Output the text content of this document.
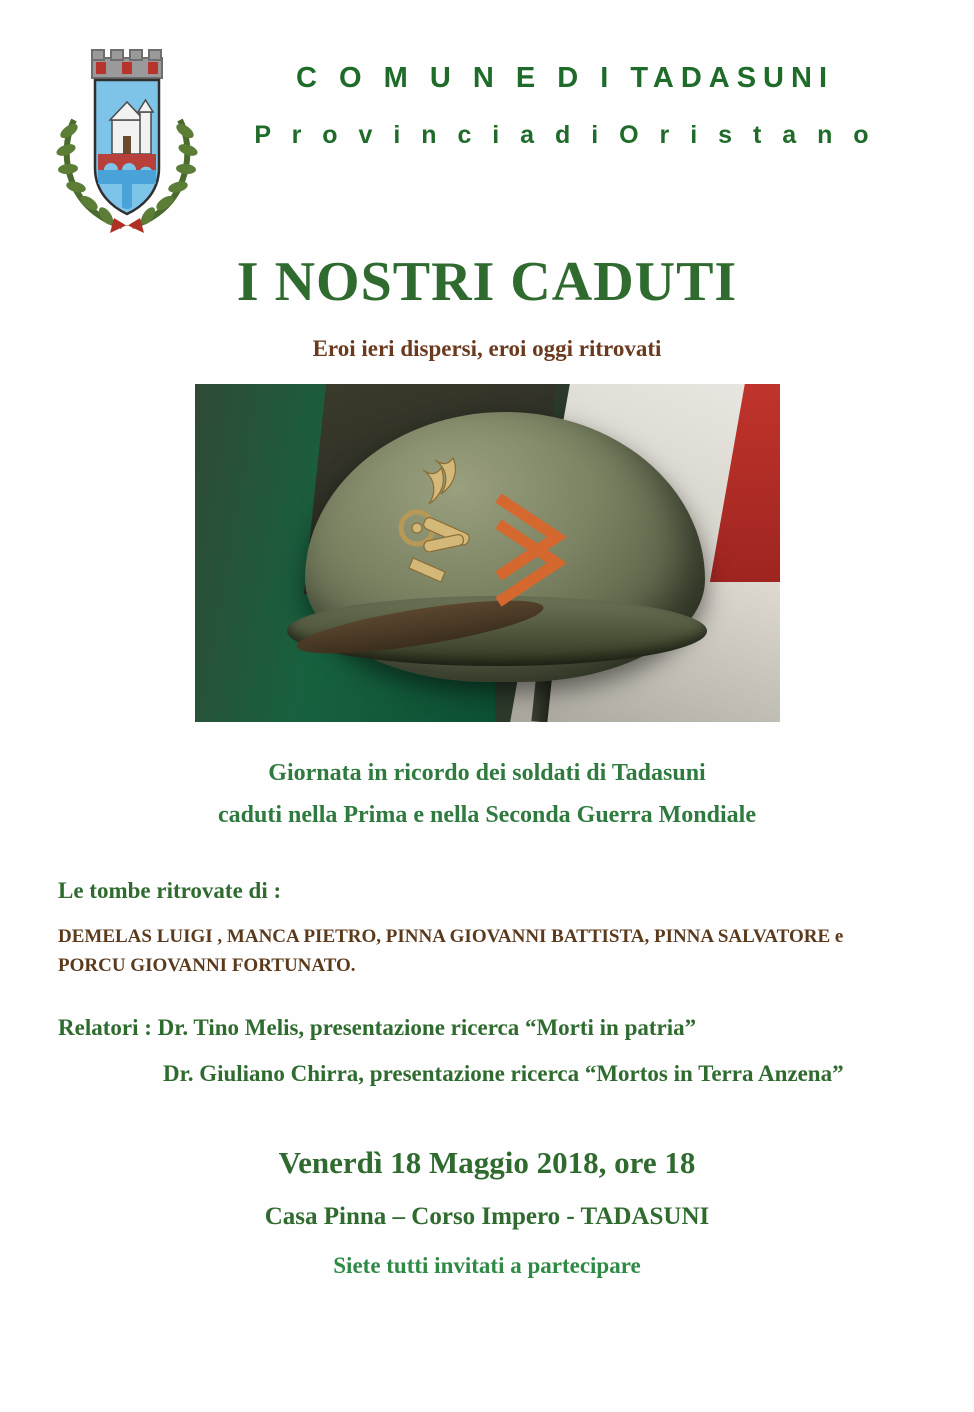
C O M U N E D I TADASUNI
P r o v i n c i a d i O r i s t a n o
I NOSTRI CADUTI
Eroi ieri dispersi, eroi oggi ritrovati
Giornata in ricordo dei soldati di Tadasuni
caduti nella Prima e nella Seconda Guerra Mondiale
Le tombe ritrovate di :
DEMELAS LUIGI , MANCA PIETRO, PINNA GIOVANNI BATTISTA, PINNA SALVATORE e
PORCU GIOVANNI FORTUNATO.
Relatori : Dr. Tino Melis, presentazione ricerca “Morti in patria”
Dr. Giuliano Chirra, presentazione ricerca “Mortos in Terra Anzena”
Venerdì 18 Maggio 2018, ore 18
Casa Pinna – Corso Impero - TADASUNI
Siete tutti invitati a partecipare
